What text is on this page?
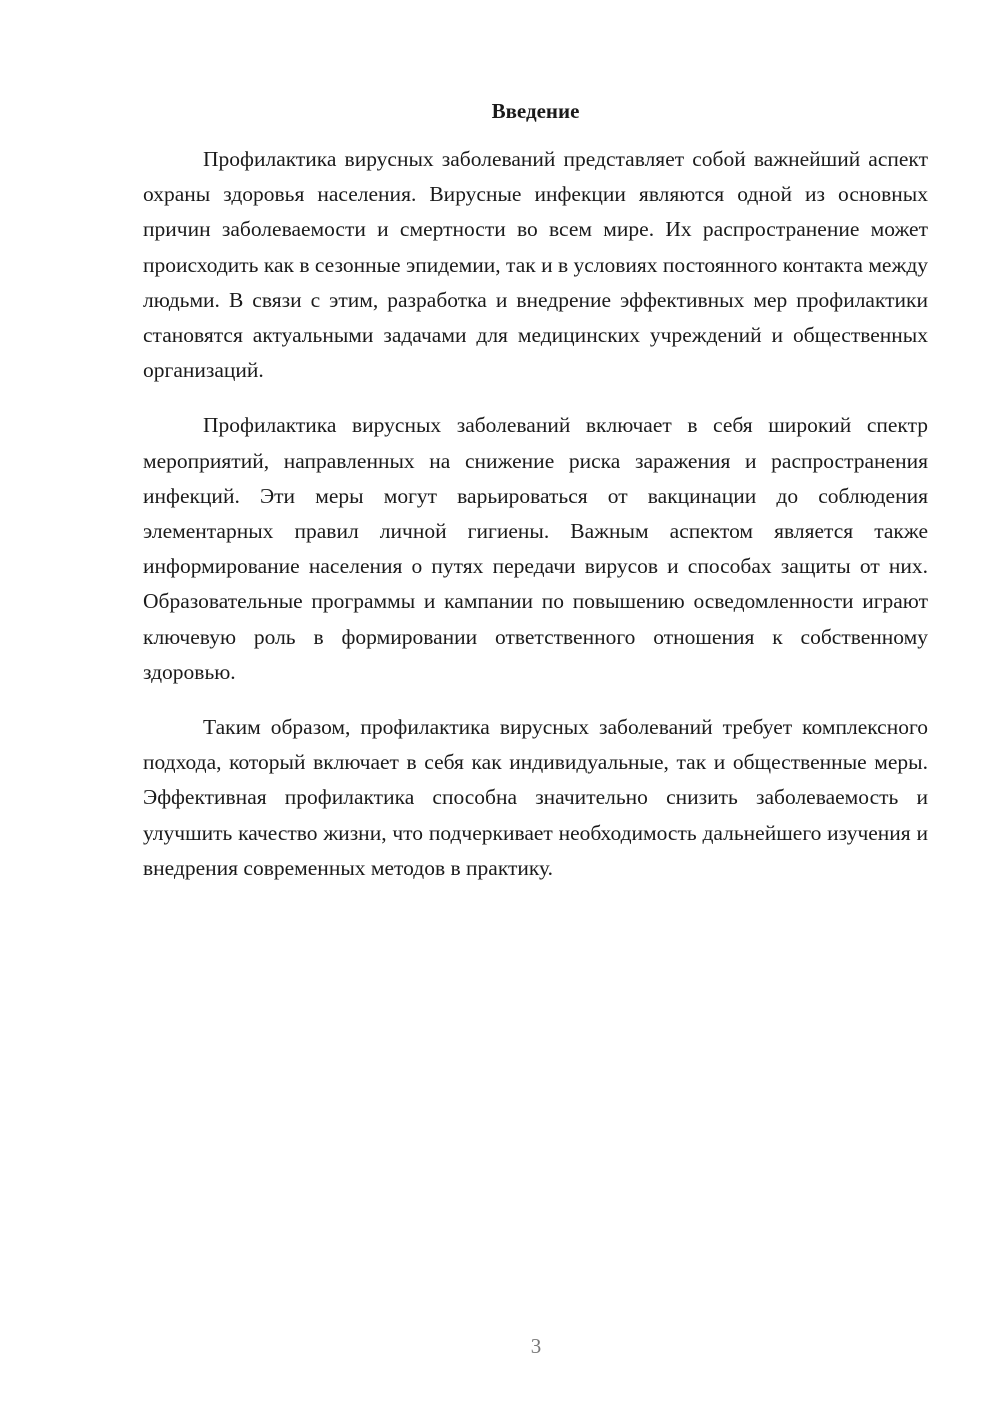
Введение

Профилактика вирусных заболеваний представляет собой важнейший аспект охраны здоровья населения. Вирусные инфекции являются одной из основных причин заболеваемости и смертности во всем мире. Их распространение может происходить как в сезонные эпидемии, так и в условиях постоянного контакта между людьми. В связи с этим, разработка и внедрение эффективных мер профилактики становятся актуальными задачами для медицинских учреждений и общественных организаций.

Профилактика вирусных заболеваний включает в себя широкий спектр мероприятий, направленных на снижение риска заражения и распространения инфекций. Эти меры могут варьироваться от вакцинации до соблюдения элементарных правил личной гигиены. Важным аспектом является также информирование населения о путях передачи вирусов и способах защиты от них. Образовательные программы и кампании по повышению осведомленности играют ключевую роль в формировании ответственного отношения к собственному здоровью.

Таким образом, профилактика вирусных заболеваний требует комплексного подхода, который включает в себя как индивидуальные, так и общественные меры. Эффективная профилактика способна значительно снизить заболеваемость и улучшить качество жизни, что подчеркивает необходимость дальнейшего изучения и внедрения современных методов в практику.

3
